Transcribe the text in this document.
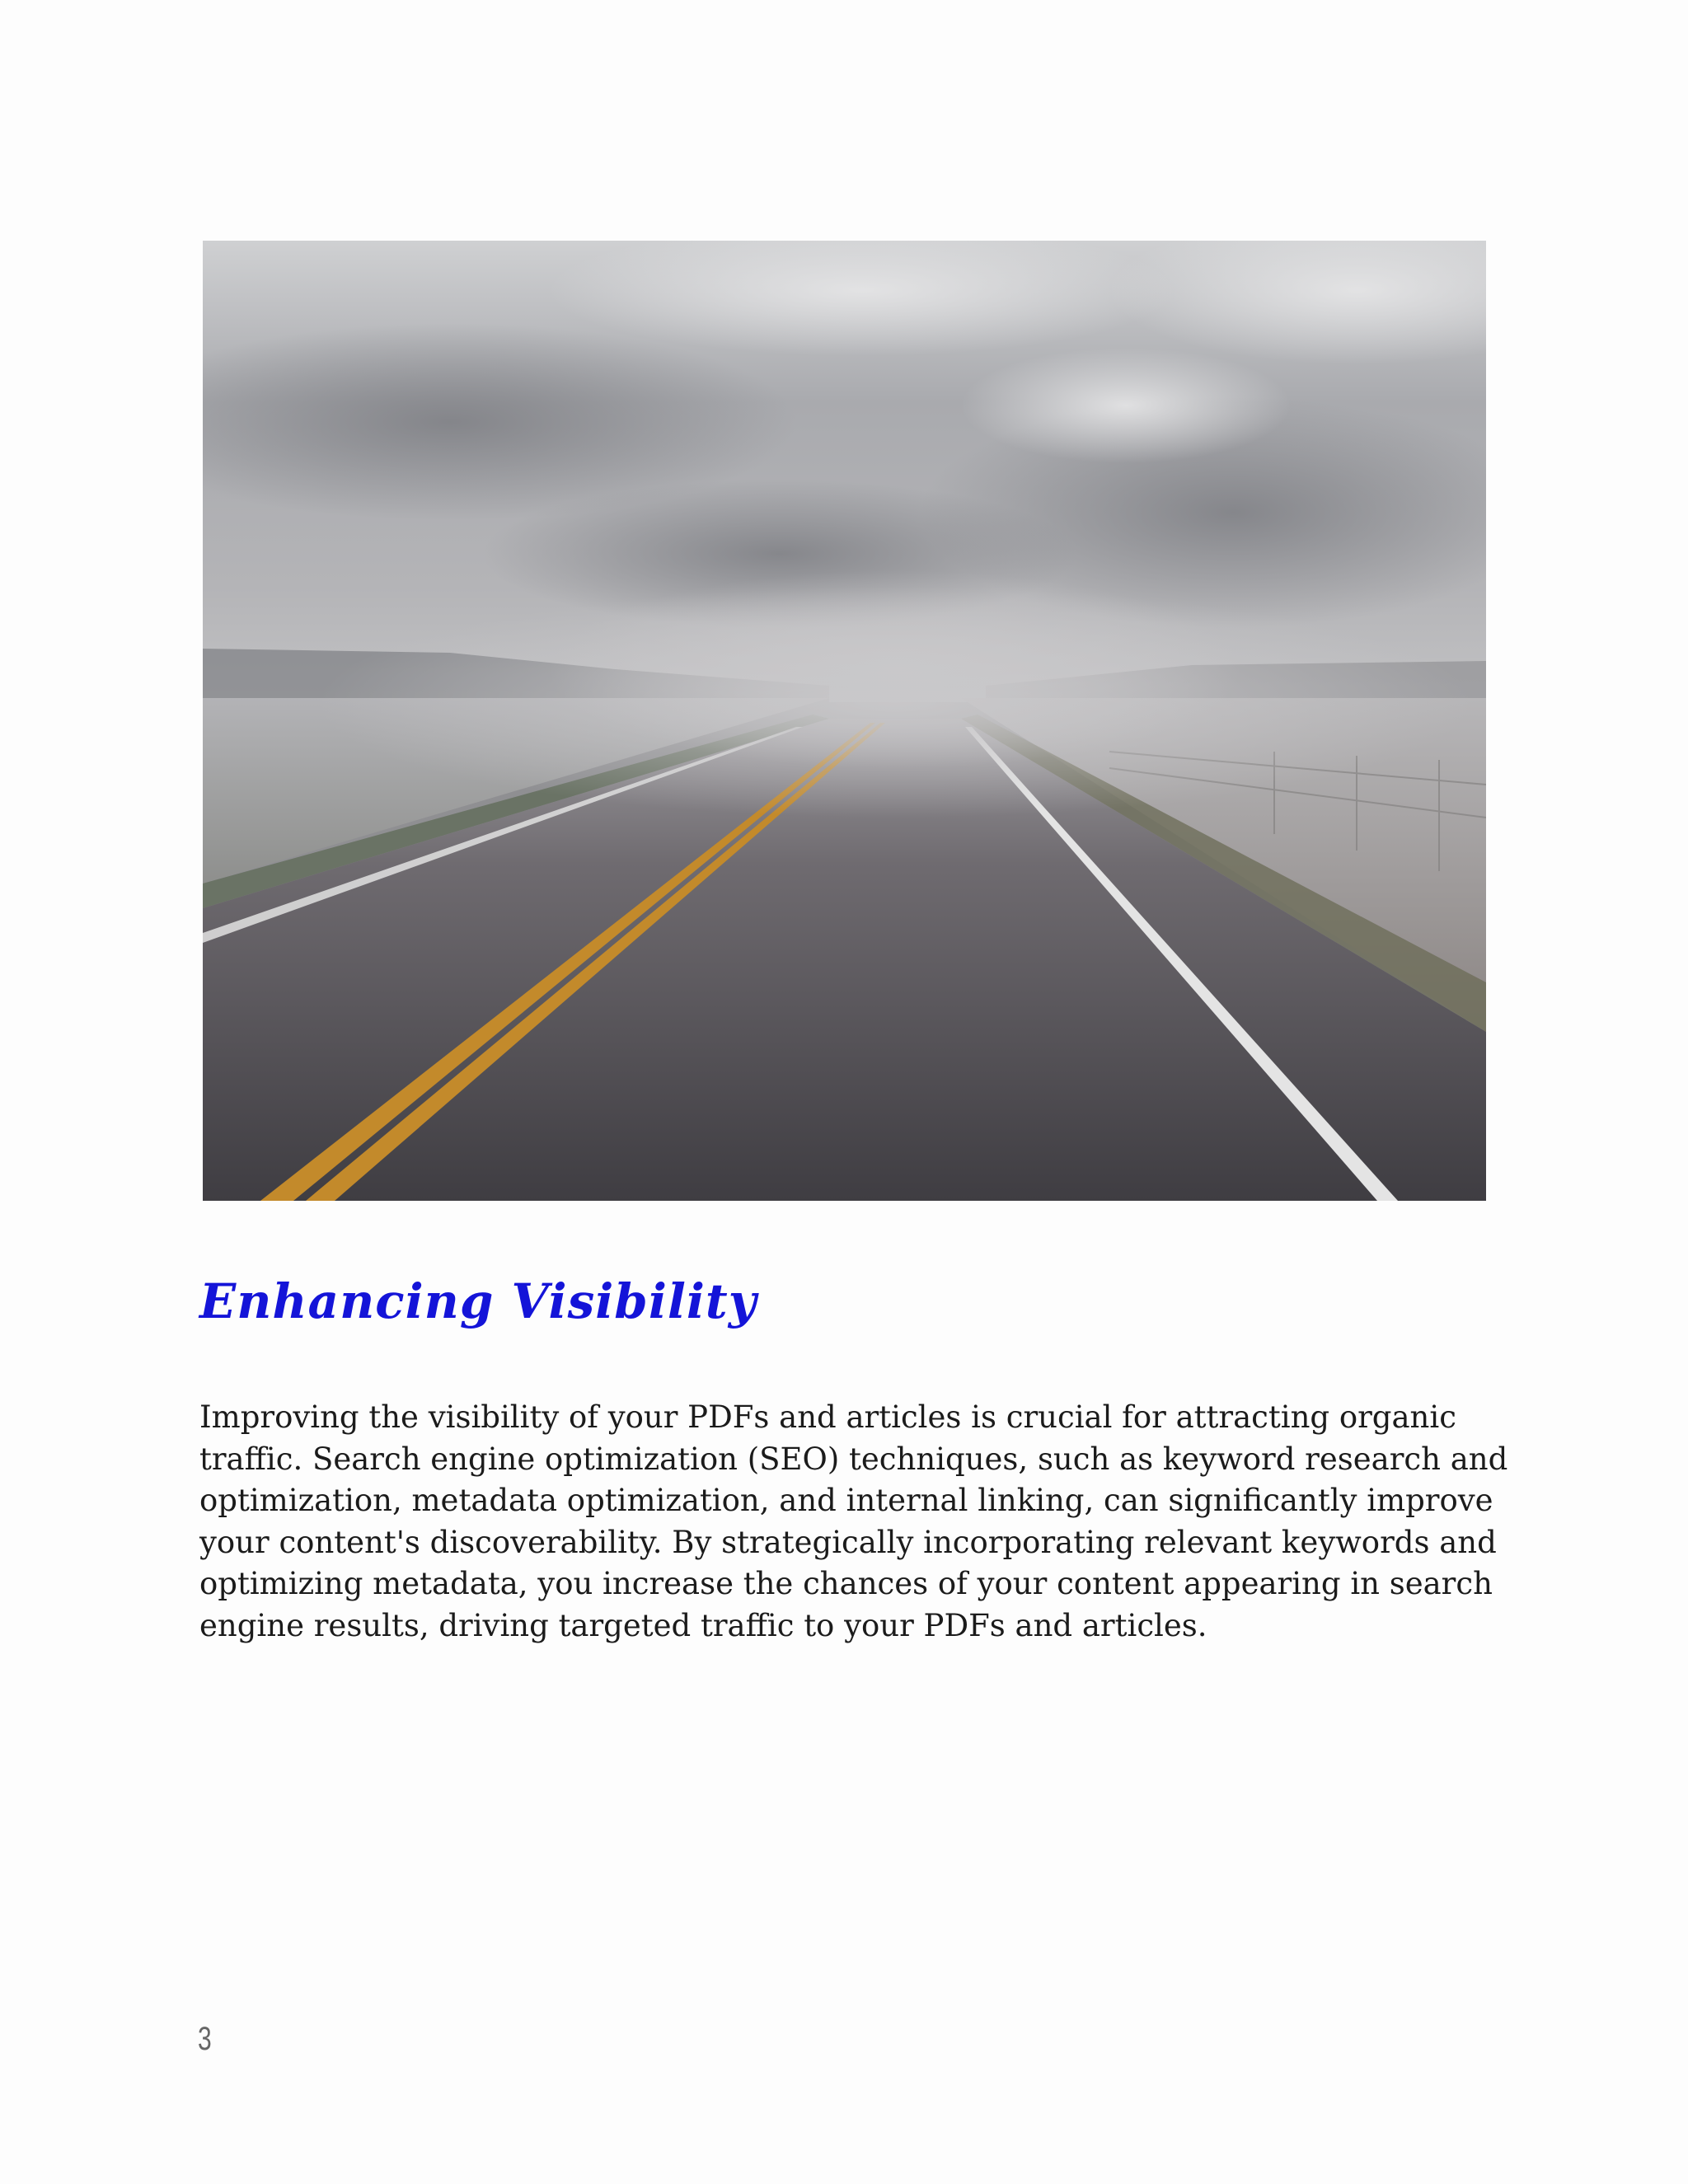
Enhancing Visibility

Improving the visibility of your PDFs and articles is crucial for attracting organic traffic. Search engine optimization (SEO) techniques, such as keyword research and optimization, metadata optimization, and internal linking, can significantly improve your content's discoverability. By strategically incorporating relevant keywords and optimizing metadata, you increase the chances of your content appearing in search engine results, driving targeted traffic to your PDFs and articles.

3
